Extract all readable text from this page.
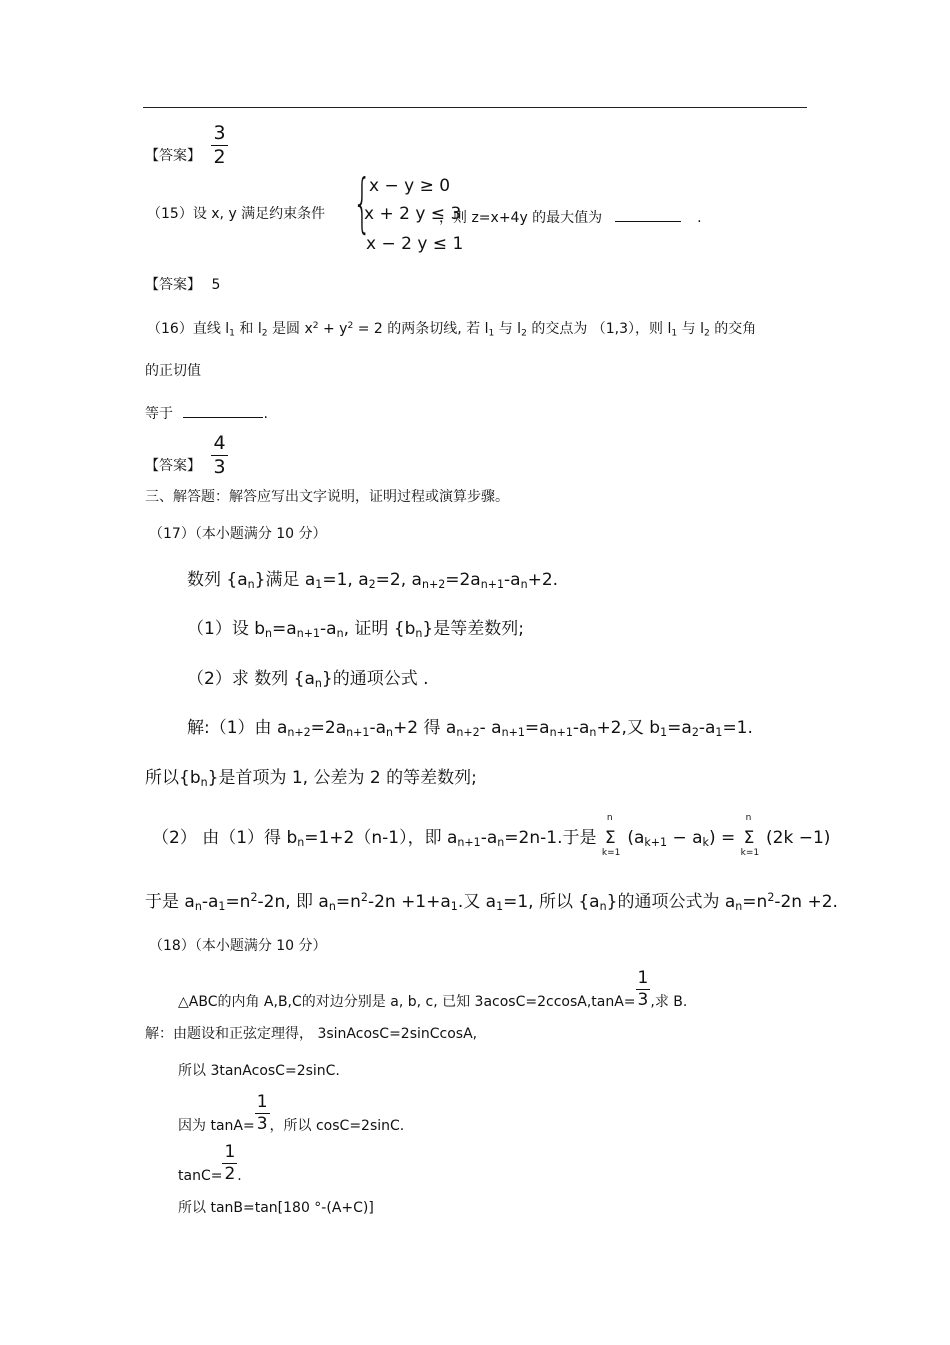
【答案】 $\frac{3}{2}$
（15）设 x, y 满足约束条件 {
x − y ≥ 0
x + 2 y ≤ 3
x − 2 y ≤ 1
，则 z=x+4y 的最大值为	.
【答案】 5
（16）直线 $l_1$ 和 $l_2$ 是圆 $x^2 + y^2 = 2$ 的两条切线, 若 $l_1$ 与 $l_2$ 的交点为 （1,3），则 $l_1$ 与 $l_2$ 的交角
的正切值
等于	.
【答案】 $\frac{4}{3}$
三、解答题：解答应写出文字说明，证明过程或演算步骤。
（17）（本小题满分 10 分）
数列 $\{a_n\}$满足 $a_1=1$, $a_2=2$, $a_{n+2}=2a_{n+1}-a_n+2$.
（1）设 $b_n=a_{n+1}-a_n$, 证明 $\{b_n\}$是等差数列;
（2）求 数列 $\{a_n\}$的通项公式 .
解:（1）由 $a_{n+2}=2a_{n+1}-a_n+2$ 得 $a_{n+2}-$ $a_{n+1}=a_{n+1}-a_n+2$,又 $b_1=a_2-a_1=1$.
所以$\{b_n\}$是首项为 1, 公差为 2 的等差数列;
（2） 由（1）得 $b_n=1+2(n-1)$，即 $a_{n+1}-a_n=2n-1$.于是
n
Σ
k=1
$(a_{k+1} - a_k)$ =
n
Σ
k=1
(2k −1)
于是 $a_n-a_1=n^2-2n$, 即 $a_n=n^2-2n +1+a_1$.又 $a_1=1$, 所以 $\{a_n\}$的通项公式为 $a_n=n^2-2n +2$.
（18）（本小题满分 10 分）
△ABC的内角 A,B,C的对边分别是 a, b, c, 已知 $3acosC=2ccosA,\tan A= \frac{1}{3}$ ,求 B.
解：由题设和正弦定理得， 3sinAcosC=2sinCcosA,
所以 3tanAcosC=2sinC.
因为 $\tan A= \frac{1}{3}$ ，所以 cosC=2sinC.
$\tan C= \frac{1}{2}$ .
所以 tanB=tan[180 °-(A+C)]
